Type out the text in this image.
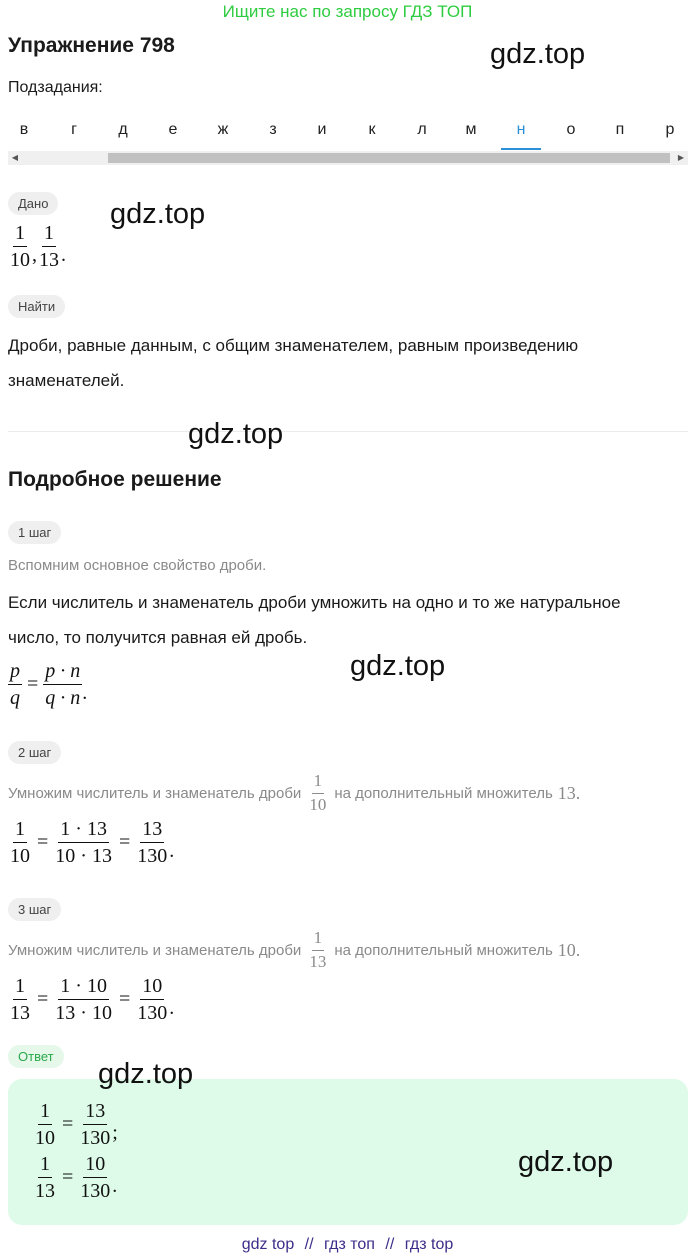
Ищите нас по запросу ГДЗ ТОП
Упражнение 798	gdz.top
Подзадания:
в	г	д	е	ж	з	и	к	л	м	н	о	п	р
◀	▶
Дано	gdz.top
$\frac{1}{10}$ , $\frac{1}{13}$ .
Найти
Дроби, равные данным, с общим знаменателем, равным произведению
знаменателей.
gdz.top
Подробное решение
1 шаг
Вспомним основное свойство дроби.
Если числитель и знаменатель дроби умножить на одно и то же натуральное
число, то получится равная ей дробь.
gdz.top
$\frac{p}{q} = \frac{p \cdot n}{q \cdot n}$ .
2 шаг
Умножим числитель и знаменатель дроби $\frac{1}{10}$ на дополнительный множитель 13.
$\frac{1}{10} = \frac{1 \cdot 13}{10 \cdot 13} = \frac{13}{130}$ .
3 шаг
Умножим числитель и знаменатель дроби $\frac{1}{13}$ на дополнительный множитель 10.
$\frac{1}{13} = \frac{1 \cdot 10}{13 \cdot 10} = \frac{10}{130}$ .
Ответ
gdz.top
$\frac{1}{10} = \frac{13}{130}$ ;
$\frac{1}{13} = \frac{10}{130}$ .
gdz.top
gdz top // гдз топ // гдз top
